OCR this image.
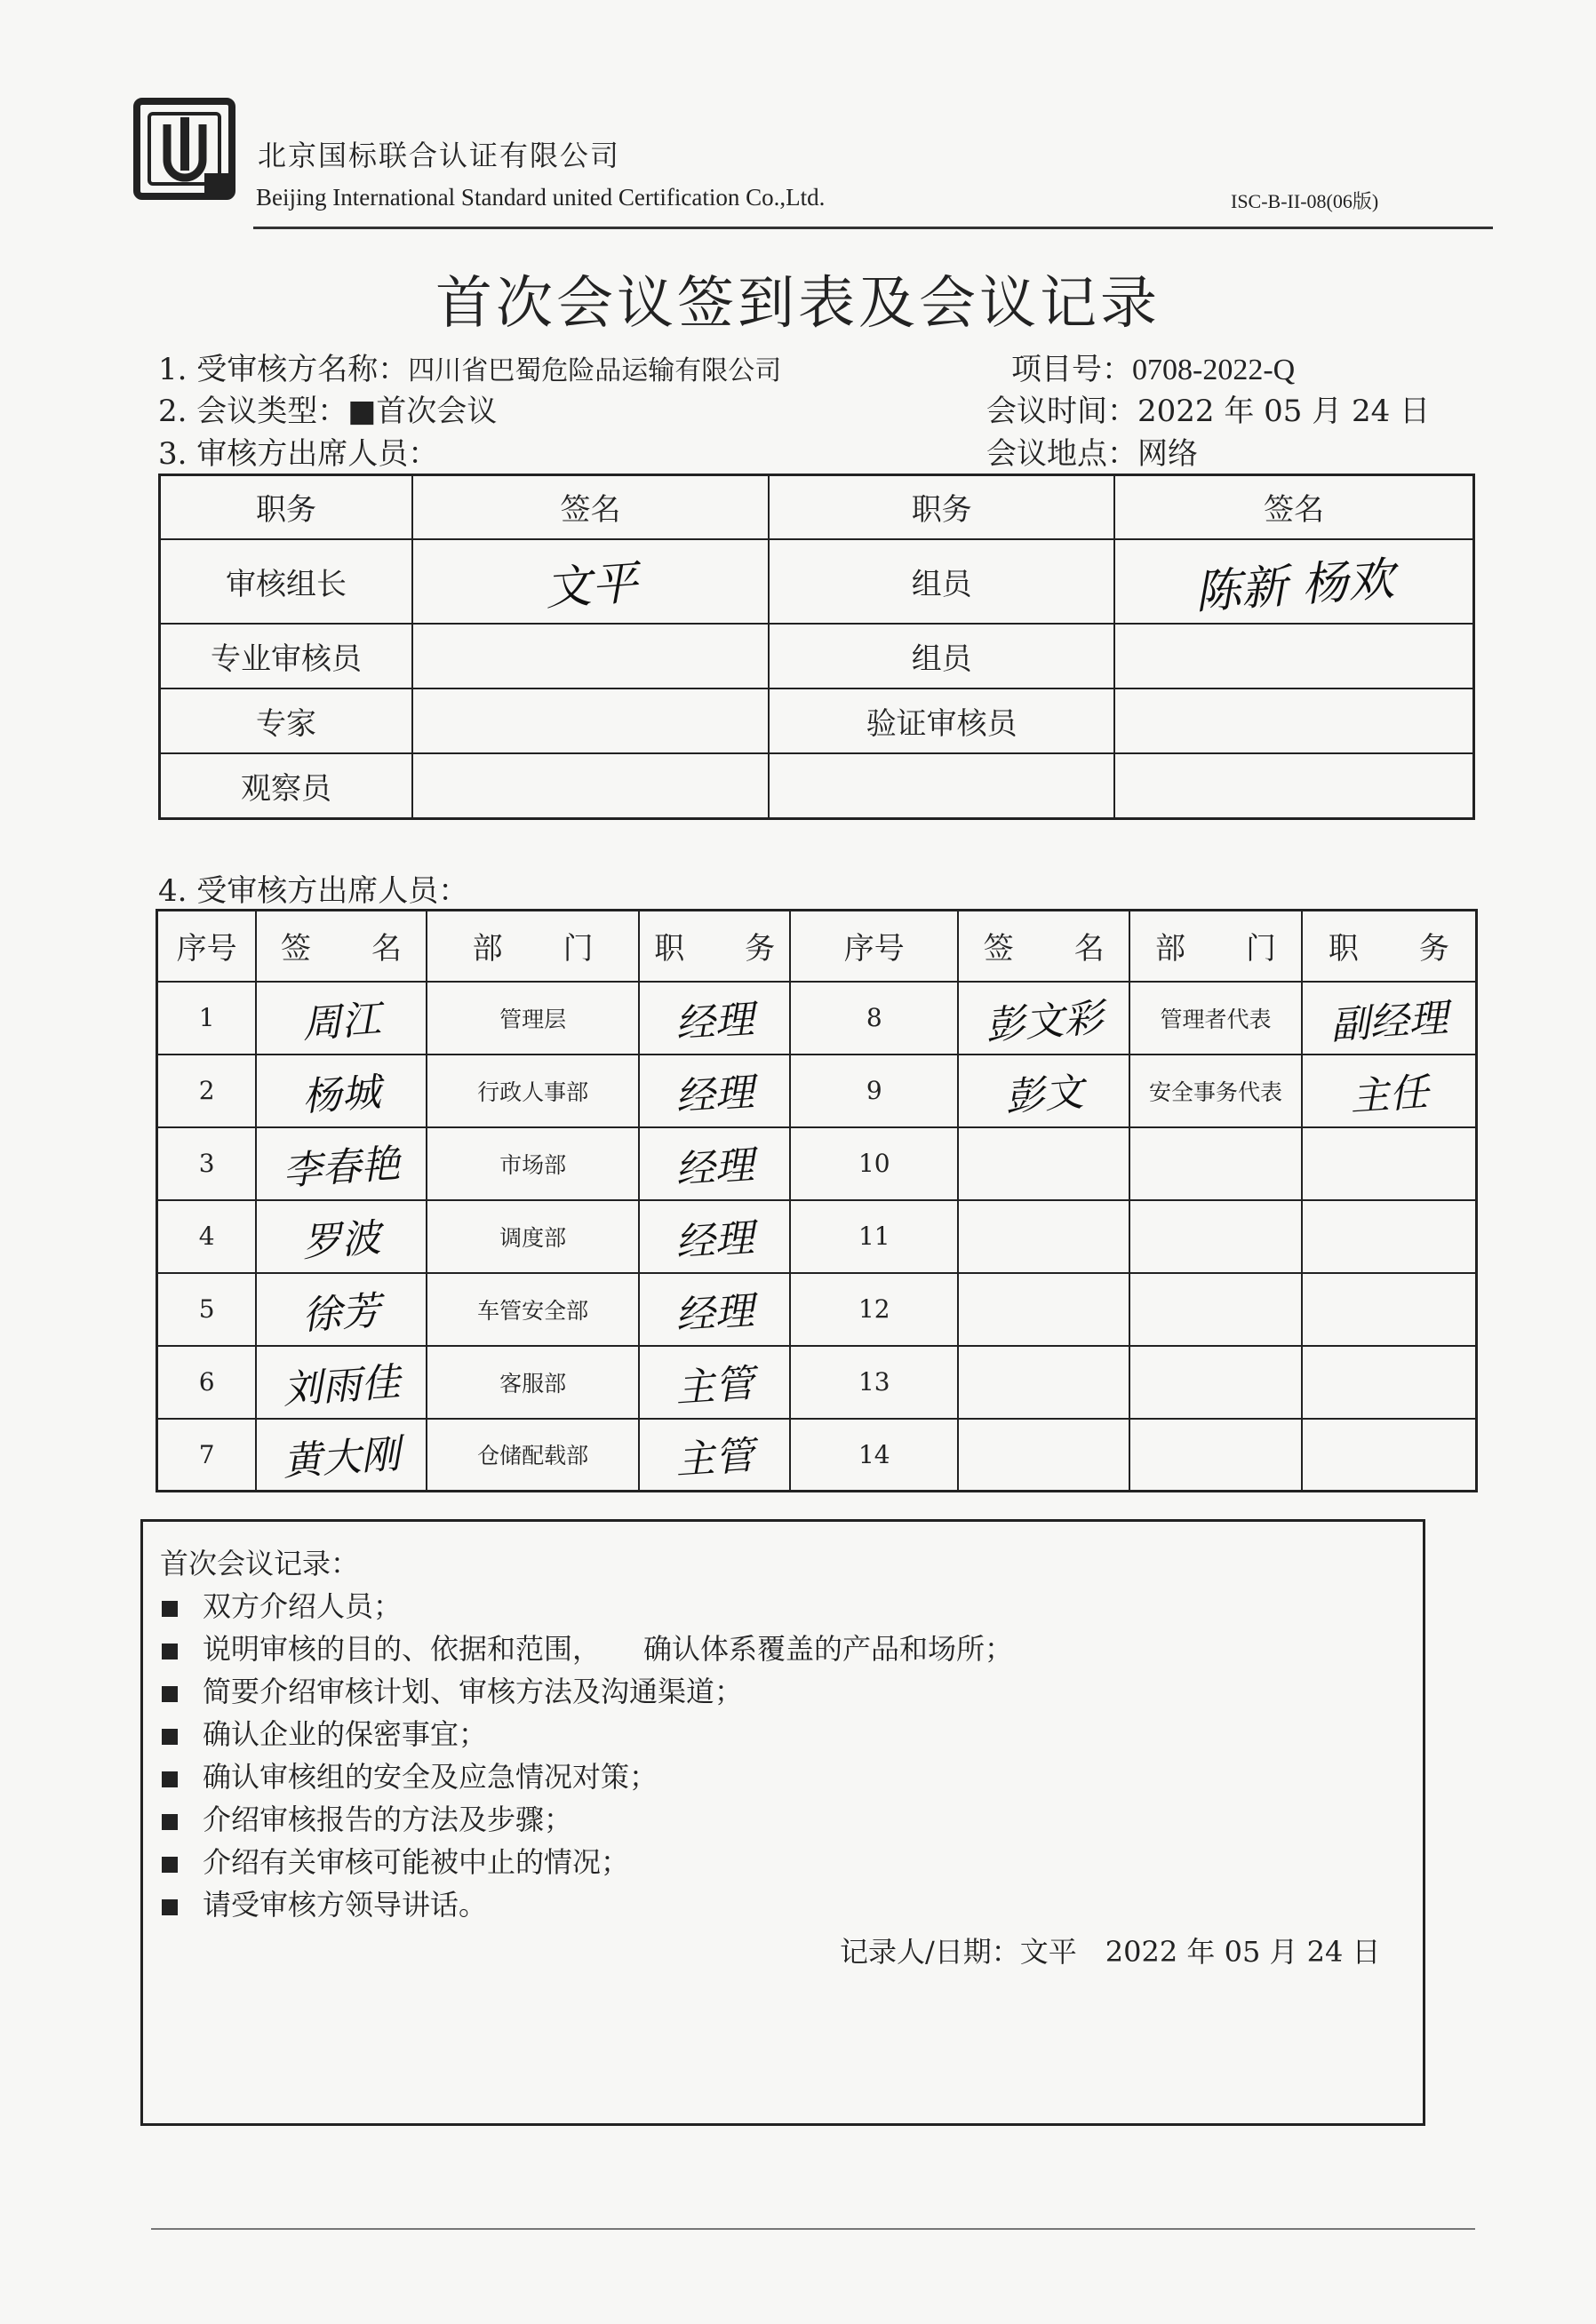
北京国标联合认证有限公司
Beijing International Standard united Certification Co.,Ltd.	ISC-B-II-08(06版)
首次会议签到表及会议记录
1. 受审核方名称：四川省巴蜀危险品运输有限公司	项目号：0708-2022-Q
2. 会议类型：■首次会议	会议时间：2022 年 05 月 24 日
3. 审核方出席人员：	会议地点：网络
职务	签名	职务	签名
审核组长	文平	组员	陈新 杨欢
专业审核员		组员	
专家		验证审核员	
观察员			
4. 受审核方出席人员：
序号	签　　名	部　　门	职　　务	序号	签　　名	部　　门	职　　务
1	周江	管理层	经理	8	彭文彩	管理者代表	副经理
2	杨城	行政人事部	经理	9	彭文	安全事务代表	主任
3	李春艳	市场部	经理	10			
4	罗波	调度部	经理	11			
5	徐芳	车管安全部	经理	12			
6	刘雨佳	客服部	主管	13			
7	黄大刚	仓储配载部	主管	14			
首次会议记录：
双方介绍人员；
说明审核的目的、依据和范围，　　确认体系覆盖的产品和场所；
简要介绍审核计划、审核方法及沟通渠道；
确认企业的保密事宜；
确认审核组的安全及应急情况对策；
介绍审核报告的方法及步骤；
介绍有关审核可能被中止的情况；
请受审核方领导讲话。
记录人/日期：文平　2022 年 05 月 24 日
